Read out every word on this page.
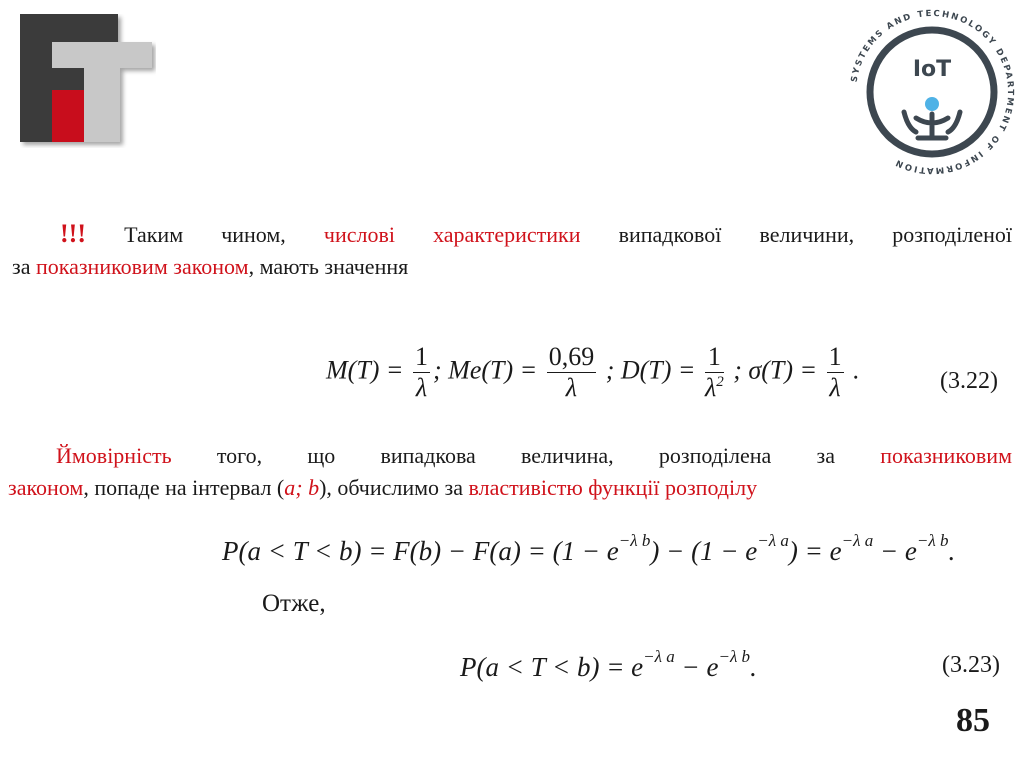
SYSTEMS AND TECHNOLOGY DEPARTMENT OF INFORMATION
IoT
!!! Таким чином, числові характеристики випадкової величини, розподіленої
за показниковим законом, мають значення
$M(T) = \frac{1}{\lambda}$ ; $Me(T) = \frac{0,69}{\lambda}$ ; $D(T) = \frac{1}{\lambda^2}$ ; $\sigma(T) = \frac{1}{\lambda}$ .	(3.22)
Ймовірність того, що випадкова величина, розподілена за показниковим
законом, попаде на інтервал (a; b), обчислимо за властивістю функції розподілу
$P(a < T < b) = F(b) - F(a) = (1 - e^{-\lambda b}) - (1 - e^{-\lambda a}) = e^{-\lambda a} - e^{-\lambda b}$.
Отже,
$P(a < T < b) = e^{-\lambda a} - e^{-\lambda b}$.	(3.23)
85
